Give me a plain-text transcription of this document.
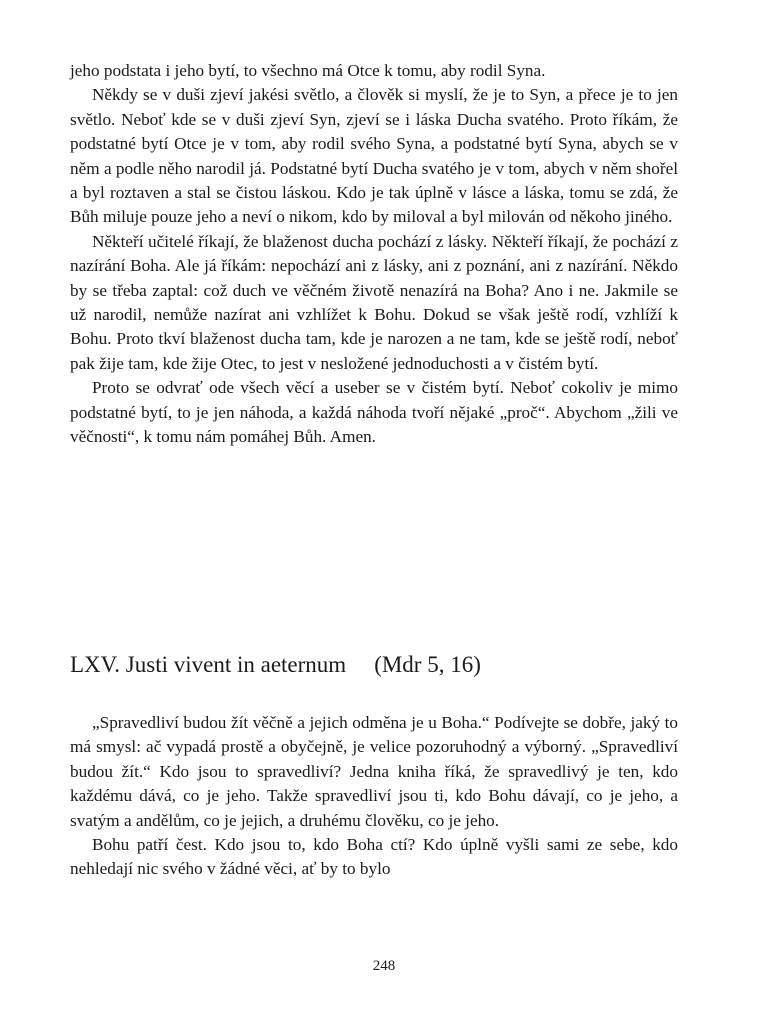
jeho podstata i jeho bytí, to všechno má Otce k tomu, aby rodil Syna.

Někdy se v duši zjeví jakési světlo, a člověk si myslí, že je to Syn, a přece je to jen světlo. Neboť kde se v duši zjeví Syn, zjeví se i láska Ducha svatého. Proto říkám, že podstatné bytí Otce je v tom, aby rodil svého Syna, a podstatné bytí Syna, abych se v něm a podle něho narodil já. Podstatné bytí Ducha svatého je v tom, abych v něm shořel a byl roztaven a stal se čistou láskou. Kdo je tak úplně v lásce a láska, tomu se zdá, že Bůh miluje pouze jeho a neví o nikom, kdo by miloval a byl milován od někoho jiného.

Někteří učitelé říkají, že blaženost ducha pochází z lásky. Někteří říkají, že pochází z nazírání Boha. Ale já říkám: nepochází ani z lásky, ani z poznání, ani z nazírání. Někdo by se třeba zaptal: což duch ve věčném životě nenazírá na Boha? Ano i ne. Jakmile se už narodil, nemůže nazírat ani vzhlížet k Bohu. Dokud se však ještě rodí, vzhlíží k Bohu. Proto tkví blaženost ducha tam, kde je narozen a ne tam, kde se ještě rodí, neboť pak žije tam, kde žije Otec, to jest v nesložené jednoduchosti a v čistém bytí.

Proto se odvrať ode všech věcí a useber se v čistém bytí. Neboť cokoliv je mimo podstatné bytí, to je jen náhoda, a každá náhoda tvoří nějaké „proč“. Abychom „žili ve věčnosti“, k tomu nám pomáhej Bůh. Amen.

LXV. Justi vivent in aeternum (Mdr 5, 16)

„Spravedliví budou žít věčně a jejich odměna je u Boha.“ Podívejte se dobře, jaký to má smysl: ač vypadá prostě a obyčejně, je velice pozoruhodný a výborný. „Spravedliví budou žít.“ Kdo jsou to spravedliví? Jedna kniha říká, že spravedlivý je ten, kdo každému dává, co je jeho. Takže spravedliví jsou ti, kdo Bohu dávají, co je jeho, a svatým a andělům, co je jejich, a druhému člověku, co je jeho.

Bohu patří čest. Kdo jsou to, kdo Boha ctí? Kdo úplně vyšli sami ze sebe, kdo nehledají nic svého v žádné věci, ať by to bylo

248
